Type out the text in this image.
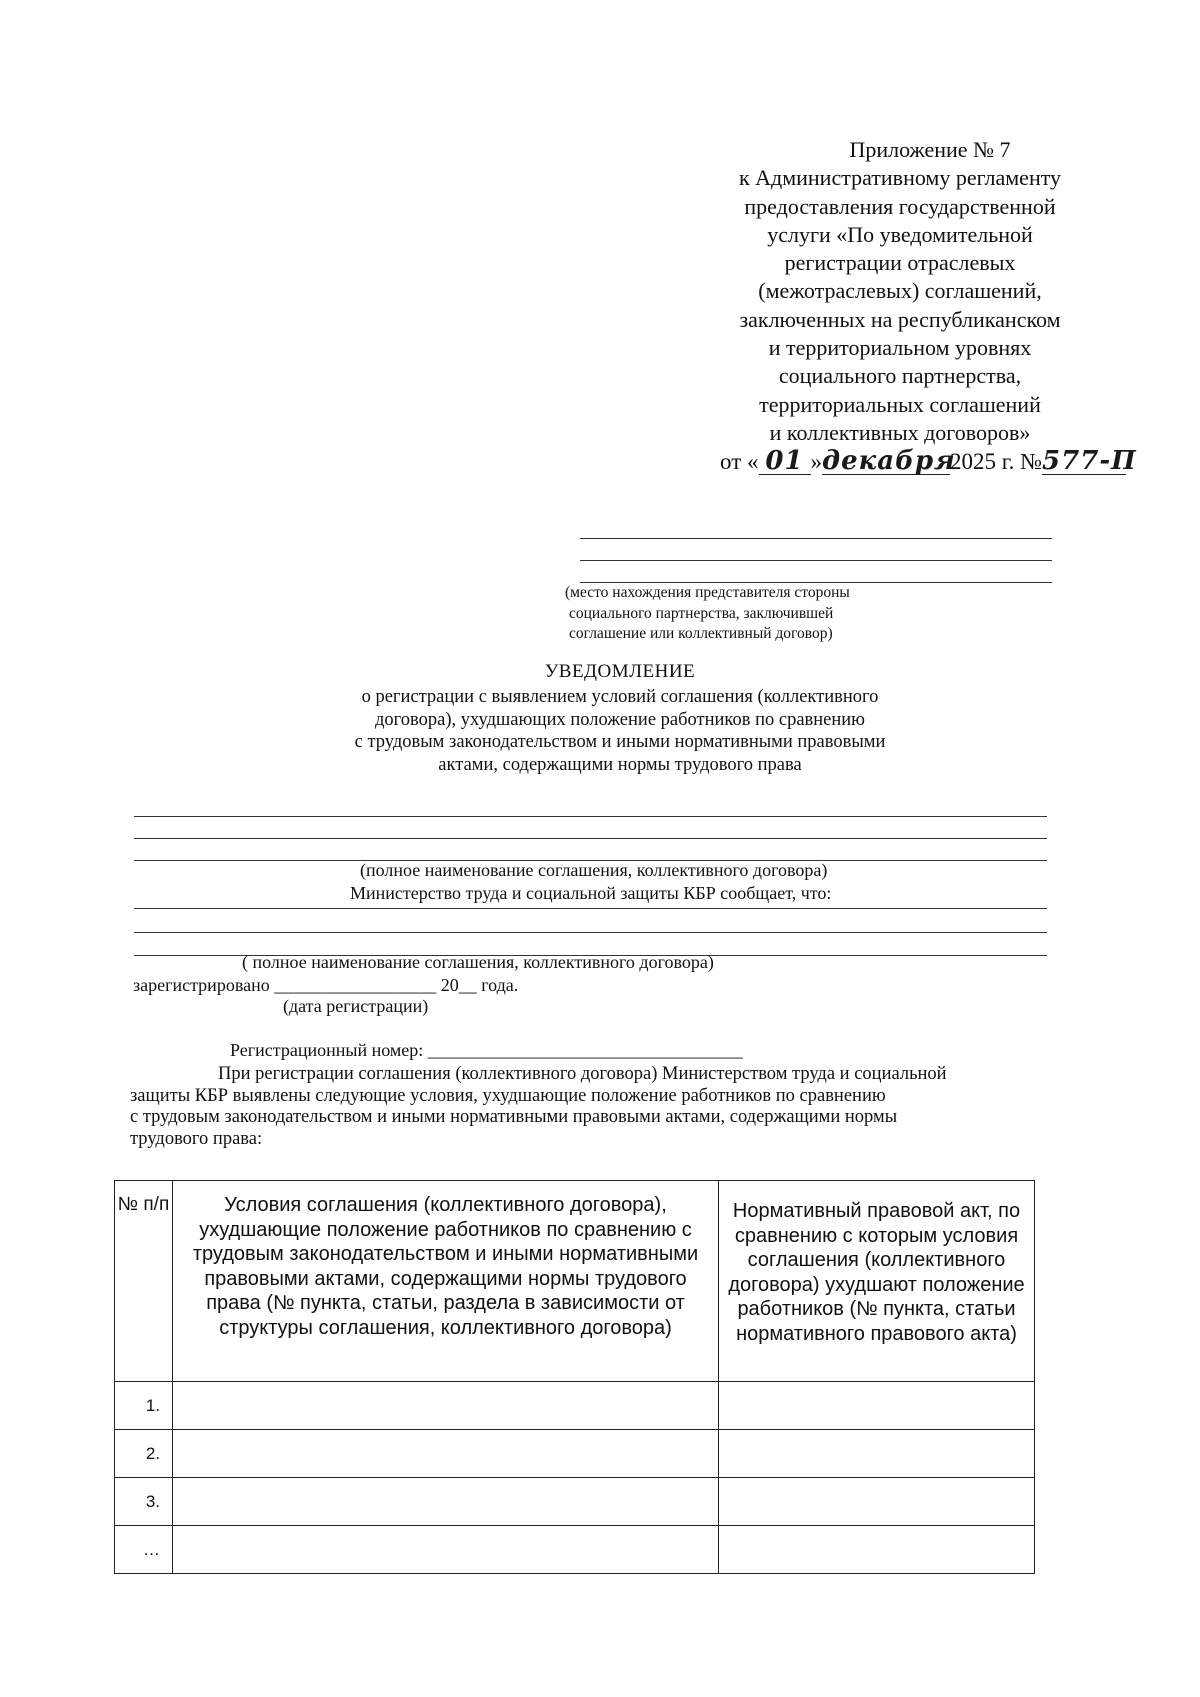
Приложение № 7
к Административному регламенту
предоставления государственной
услуги «По уведомительной
регистрации отраслевых
(межотраслевых) соглашений,
заключенных на республиканском
и территориальном уровнях
социального партнерства,
территориальных соглашений
и коллективных договоров»
от « 01 »декабря2025 г. №577-П
(место нахождения представителя стороны
социального партнерства, заключившей
соглашение или коллективный договор)
УВЕДОМЛЕНИЕ
о регистрации с выявлением условий соглашения (коллективного
договора), ухудшающих положение работников по сравнению
с трудовым законодательством и иными нормативными правовыми
актами, содержащими нормы трудового права
(полное наименование соглашения, коллективного договора)
Министерство труда и социальной защиты КБР сообщает, что:
( полное наименование соглашения, коллективного договора)
зарегистрировано __________________ 20__ года.
(дата регистрации)
Регистрационный номер: ___________________________________
При регистрации соглашения (коллективного договора) Министерством труда и социальной
защиты КБР выявлены следующие условия, ухудшающие положение работников по сравнению
с трудовым законодательством и иными нормативными правовыми актами, содержащими нормы
трудового права:
№ п/п	Условия соглашения (коллективного договора), ухудшающие положение работников по сравнению с трудовым законодательством и иными нормативными правовыми актами, содержащими нормы трудового права (№ пункта, статьи, раздела в зависимости от структуры соглашения, коллективного договора)	Нормативный правовой акт, по сравнению с которым условия соглашения (коллективного договора) ухудшают положение работников (№ пункта, статьи нормативного правового акта)
1.		
2.		
3.		
…		
